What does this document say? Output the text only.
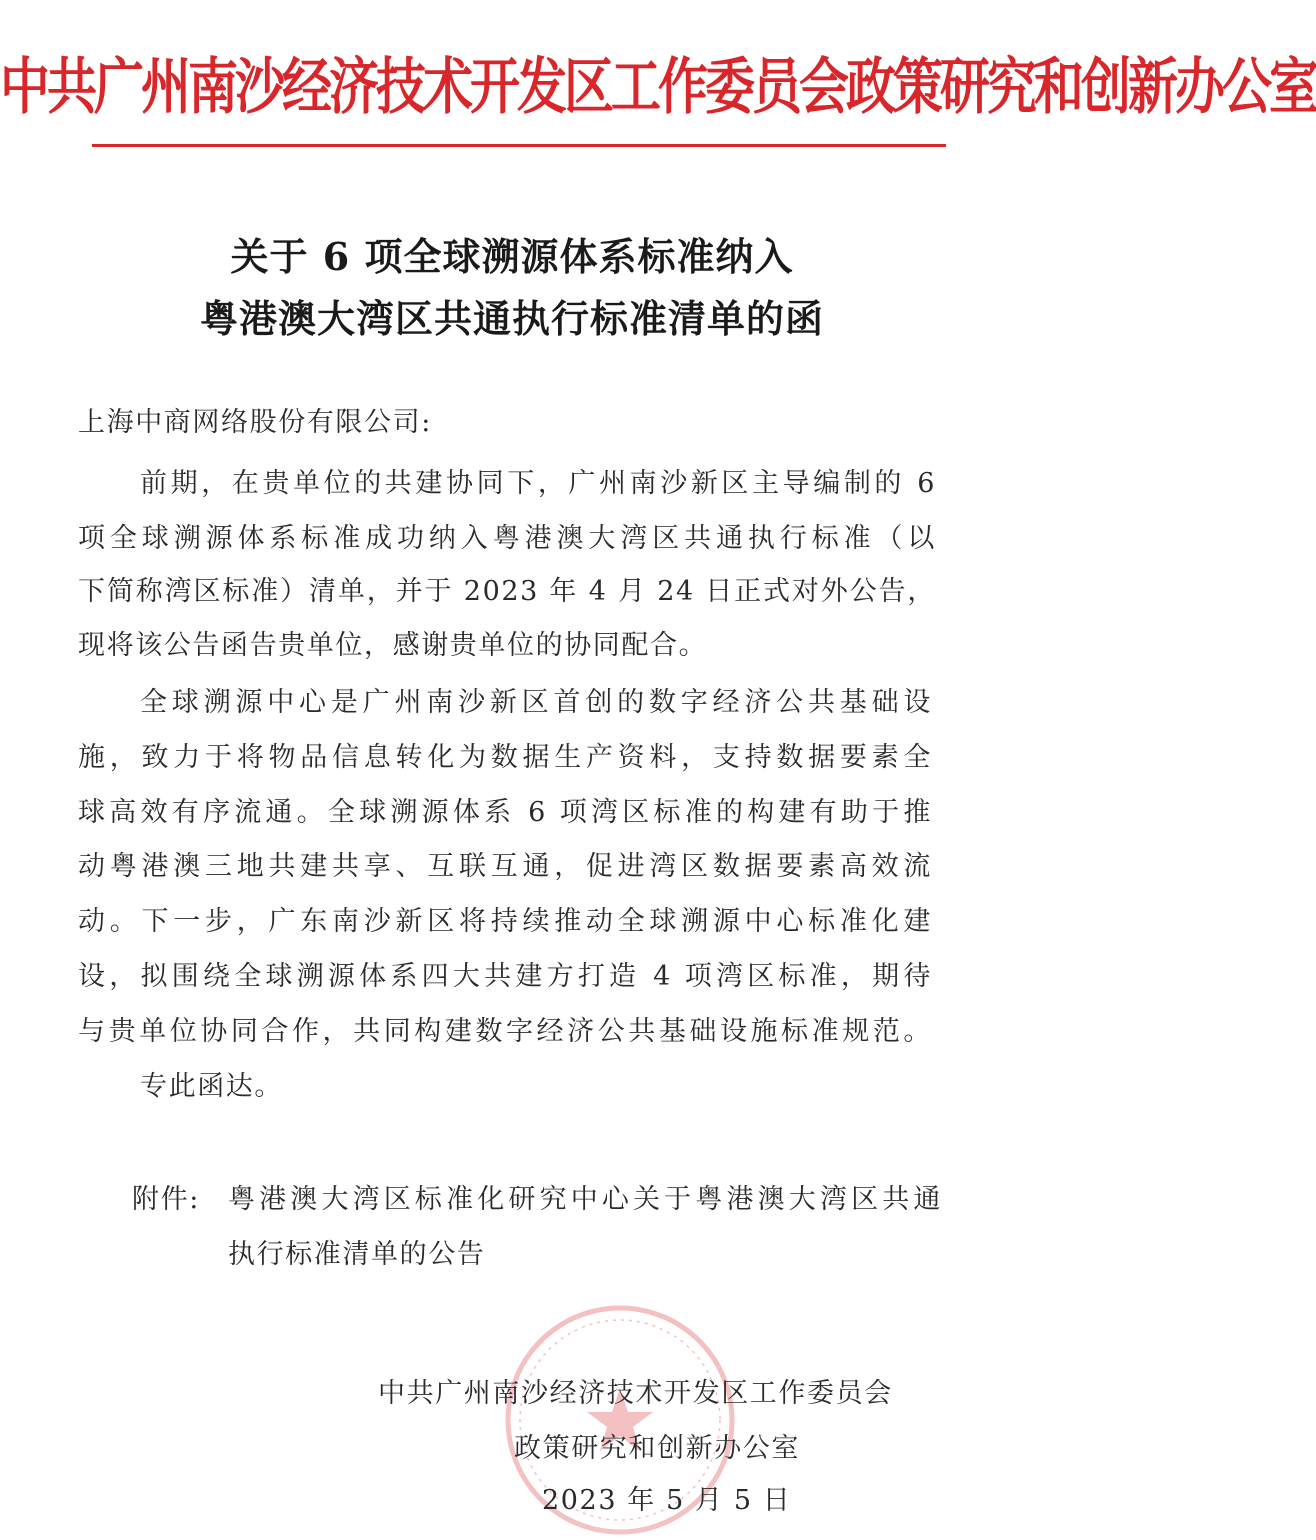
中共广州南沙经济技术开发区工作委员会政策研究和创新办公室
关于 6 项全球溯源体系标准纳入
粤港澳大湾区共通执行标准清单的函
上海中商网络股份有限公司:
前期，在贵单位的共建协同下，广州南沙新区主导编制的 6
项全球溯源体系标准成功纳入粤港澳大湾区共通执行标准（以
下简称湾区标准）清单，并于 2023 年 4 月 24 日正式对外公告，
现将该公告函告贵单位，感谢贵单位的协同配合。
全球溯源中心是广州南沙新区首创的数字经济公共基础设
施，致力于将物品信息转化为数据生产资料，支持数据要素全
球高效有序流通。全球溯源体系 6 项湾区标准的构建有助于推
动粤港澳三地共建共享、互联互通，促进湾区数据要素高效流
动。下一步，广东南沙新区将持续推动全球溯源中心标准化建
设，拟围绕全球溯源体系四大共建方打造 4 项湾区标准，期待
与贵单位协同合作，共同构建数字经济公共基础设施标准规范。
专此函达。
附件: 粤港澳大湾区标准化研究中心关于粤港澳大湾区共通
执行标准清单的公告
中共广州南沙经济技术开发区工作委员会
政策研究和创新办公室
2023 年 5 月 5 日
